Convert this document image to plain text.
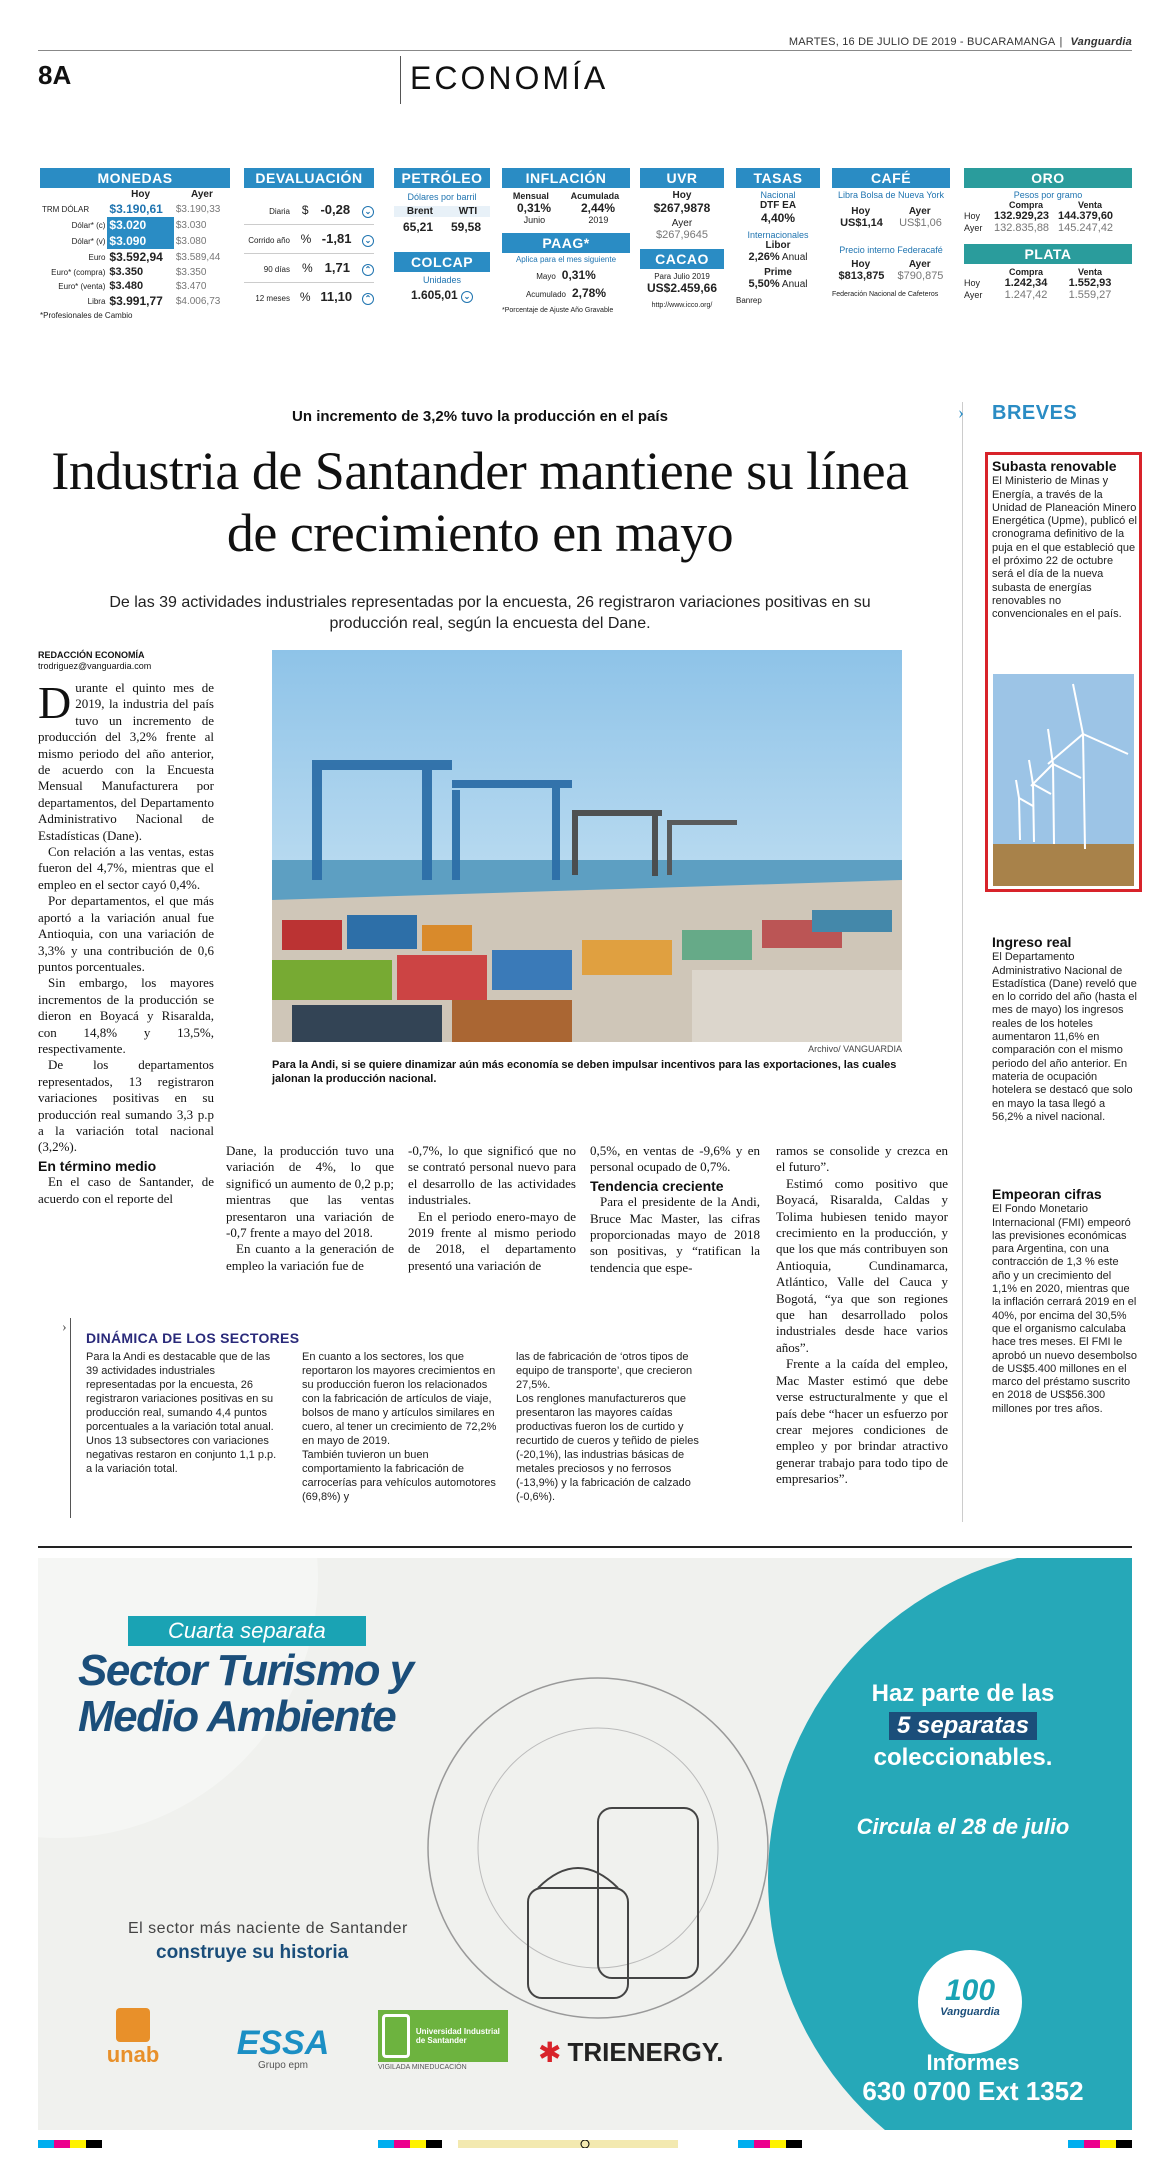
MARTES, 16 DE JULIO DE 2019 - BUCARAMANGA | Vanguardia
8A	ECONOMÍA
MONEDAS
	Hoy	Ayer
TRM DÓLAR	$3.190,61	$3.190,33
Dólar* (c)	$3.020	$3.030
Dólar* (v)	$3.090	$3.080
Euro	$3.592,94	$3.589,44
Euro* (compra)	$3.350	$3.350
Euro* (venta)	$3.480	$3.470
Libra	$3.991,77	$4.006,73
*Profesionales de Cambio
DEVALUACIÓN
Diaria $ -0,28	⌄
Corrido año % -1,81	⌄
90 días % 1,71	⌃
12 meses % 11,10	⌃
PETRÓLEO
Dólares por barril
Brent	WTI
65,21 59,58
COLCAP
Unidades
1.605,01 ⌄
INFLACIÓN
Mensual Acumulada
0,31% 2,44%
Junio	2019
PAAG*
Aplica para el mes siguiente
Mayo 0,31%
Acumulado 2,78%
*Porcentaje de Ajuste Año Gravable
UVR
Hoy
$267,9878
Ayer
$267,9645
CACAO
Para Julio 2019
US$2.459,66
http://www.icco.org/
TASAS
Nacional
DTF EA
4,40%
Internacionales
Libor
2,26% Anual
Prime
5,50% Anual
Banrep
CAFÉ
Libra Bolsa de Nueva York
Hoy	Ayer
US$1,14 US$1,06
Precio interno Federacafé
Hoy	Ayer
$813,875 $790,875
Federación Nacional de Cafeteros
ORO
Pesos por gramo
Compra	Venta
Hoy	132.929,23 144.379,60
Ayer	132.835,88 145.247,42
PLATA
Compra	Venta
Hoy	1.242,34	1.552,93
Ayer	1.247,42	1.559,27
Un incremento de 3,2% tuvo la producción en el país
Industria de Santander mantiene su línea de crecimiento en mayo
De las 39 actividades industriales representadas por la encuesta, 26 registraron variaciones positivas en su producción real, según la encuesta del Dane.
REDACCIÓN ECONOMÍA
trodriguez@vanguardia.com
D urante el quinto mes de 2019, la industria del país tuvo un incremento de producción del 3,2% frente al mismo periodo del año anterior, de acuerdo con la Encuesta Mensual Manufacturera por departamentos, del Departamento Administrativo Nacional de Estadísticas (Dane).

Con relación a las ventas, estas fueron del 4,7%, mientras que el empleo en el sector cayó 0,4%.

Por departamentos, el que más aportó a la variación anual fue Antioquia, con una variación de 3,3% y una contribución de 0,6 puntos porcentuales.

Sin embargo, los mayores incrementos de la producción se dieron en Boyacá y Risaralda, con 14,8% y 13,5%, respectivamente.

De los departamentos representados, 13 registraron variaciones positivas en su producción real sumando 3,3 p.p a la variación total nacional (3,2%).

En término medio

En el caso de Santander, de acuerdo con el reporte del

Archivo/ VANGUARDIA
Para la Andi, si se quiere dinamizar aún más economía se deben impulsar incentivos para las exportaciones, las cuales jalonan la producción nacional.

Dane, la producción tuvo una variación de 4%, lo que significó un aumento de 0,2 p.p; mientras que las ventas presentaron una variación de -0,7 frente a mayo del 2018.

En cuanto a la generación de empleo la variación fue de

-0,7%, lo que significó que no se contrató personal nuevo para el desarrollo de las actividades industriales.

En el periodo enero-mayo de 2019 frente al mismo periodo de 2018, el departamento presentó una variación de

0,5%, en ventas de -9,6% y en personal ocupado de 0,7%.

Tendencia creciente

Para el presidente de la Andi, Bruce Mac Master, las cifras proporcionadas mayo de 2018 son positivas, y “ratifican la tendencia que espe-

ramos se consolide y crezca en el futuro”.

Estimó como positivo que Boyacá, Risaralda, Caldas y Tolima hubiesen tenido mayor crecimiento en la producción, y que los que más contribuyen son Antioquia, Cundinamarca, Atlántico, Valle del Cauca y Bogotá, “ya que son regiones que han desarrollado polos industriales desde hace varios años”.

Frente a la caída del empleo, Mac Master estimó que debe verse estructuralmente y que el país debe “hacer un esfuerzo por crear mejores condiciones de empleo y por brindar atractivo generar trabajo para todo tipo de empresarios”.

›
DINÁMICA DE LOS SECTORES

Para la Andi es destacable que de las 39 actividades industriales representadas por la encuesta, 26 registraron variaciones positivas en su producción real, sumando 4,4 puntos porcentuales a la variación total anual.

Unos 13 subsectores con variaciones negativas restaron en conjunto 1,1 p.p. a la variación total.

En cuanto a los sectores, los que reportaron los mayores crecimientos en su producción fueron los relacionados con la fabricación de artículos de viaje, bolsos de mano y artículos similares en cuero, al tener un crecimiento de 72,2% en mayo de 2019.

También tuvieron un buen comportamiento la fabricación de carrocerías para vehículos automotores (69,8%) y

las de fabricación de ‘otros tipos de equipo de transporte’, que crecieron 27,5%.

Los renglones manufactureros que presentaron las mayores caídas productivas fueron los de curtido y recurtido de cueros y teñido de pieles (-20,1%), las industrias básicas de metales preciosos y no ferrosos (-13,9%) y la fabricación de calzado (-0,6%).

› BREVES
Subasta renovable

El Ministerio de Minas y Energía, a través de la Unidad de Planeación Minero Energética (Upme), publicó el cronograma definitivo de la puja en el que estableció que el próximo 22 de octubre será el día de la nueva subasta de energías renovables no convencionales en el país.

Ingreso real

El Departamento Administrativo Nacional de Estadística (Dane) reveló que en lo corrido del año (hasta el mes de mayo) los ingresos reales de los hoteles aumentaron 11,6% en comparación con el mismo periodo del año anterior. En materia de ocupación hotelera se destacó que solo en mayo la tasa llegó a 56,2% a nivel nacional.

Empeoran cifras

El Fondo Monetario Internacional (FMI) empeoró las previsiones económicas para Argentina, con una contracción de 1,3 % este año y un crecimiento del 1,1% en 2020, mientras que la inflación cerrará 2019 en el 40%, por encima del 30,5% que el organismo calculaba hace tres meses. El FMI le aprobó un nuevo desembolso de US$5.400 millones en el marco del préstamo suscrito en 2018 de US$56.300 millones por tres años.

Cuarta separata
Sector Turismo y
Medio Ambiente
El sector más naciente de Santander
construye su historia
Haz parte de las
5 separatas
coleccionables.
Circula el 28 de julio
100
Vanguardia
Informes
630 0700 Ext 1352
unab	ESSA
Grupo epm
Universidad Industrial de Santander
VIGILADA MINEDUCACIÓN	✱ TRIENERGY.
